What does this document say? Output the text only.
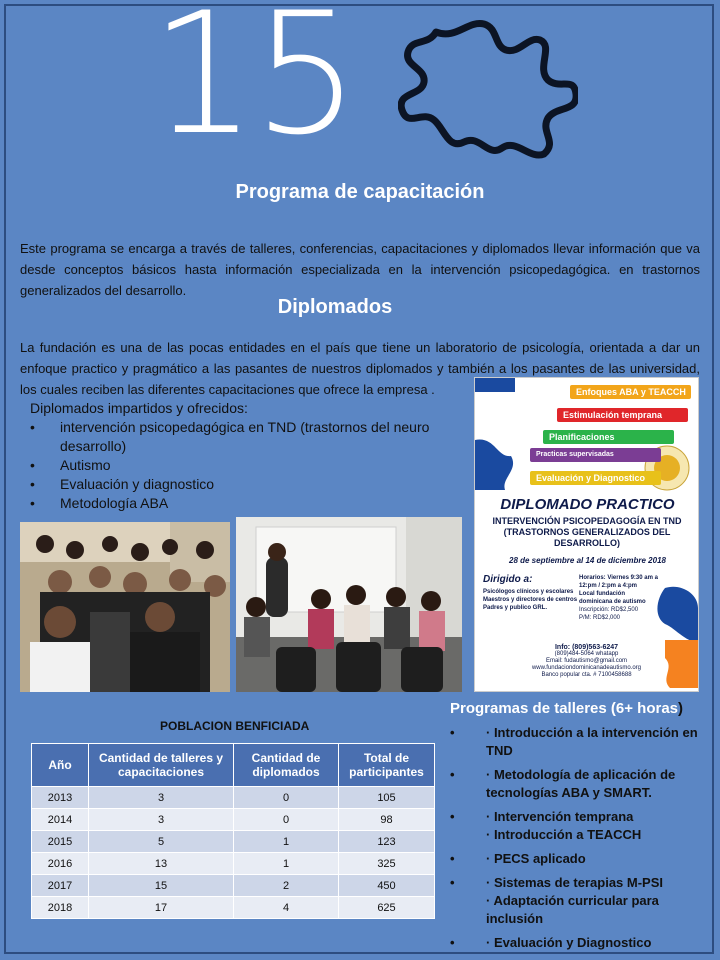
15
Programa de capacitación
Este programa se encarga a través de talleres, conferencias, capacitaciones y diplomados llevar información que va desde conceptos básicos hasta información especializada en la intervención psicopedagógica. en trastornos generalizados del desarrollo.
Diplomados
La fundación es una de las pocas entidades en el país que tiene un laboratorio de psicología, orientada a dar un enfoque practico y pragmático a las pasantes de nuestros diplomados y también a los pasantes de las universidad, los cuales reciben las diferentes capacitaciones que ofrece la empresa .
Diplomados impartidos y ofrecidos:
• intervención psicopedagógica en TND (trastornos del neuro desarrollo)
• Autismo
• Evaluación y diagnostico
• Metodología ABA
Enfoques ABA y TEACCH
Estimulación temprana
Planificaciones
Practicas supervisadas
Evaluación y Diagnostico
DIPLOMADO PRACTICO
INTERVENCIÓN PSICOPEDAGOGÍA EN TND (TRASTORNOS GENERALIZADOS DEL DESARROLLO)
28 de septiembre al 14 de diciembre 2018
Dirigido a:
Psicólogos clínicos y escolares
Maestros y directores de centros
Padres y publico GRL.
Horarios: Viernes 9:30 am a 12:pm / 2:pm a 4:pm
Local fundación dominicana de autismo
Inscripción: RD$2,500
P/M: RD$2,000
Info: (809)563-6247
(809)484-5064 whatapp
Email: fudautismo@gmail.com
www.fundaciondominicanadeautismo.org
Banco popular cta. # 7100458688
POBLACION BENFICIADA
Año	Cantidad de talleres y capacitaciones	Cantidad de diplomados	Total de participantes
2013	3	0	105
2014	3	0	98
2015	5	1	123
2016	13	1	325
2017	15	2	450
2018	17	4	625
Programas de talleres (6+ horas)
• · Introducción a la intervención en TND
• · Metodología de aplicación de tecnologías ABA y SMART.
• · Intervención temprana
· Introducción a TEACCH
• · PECS aplicado
• · Sistemas de terapias M-PSI
· Adaptación curricular para inclusión
• · Evaluación y Diagnostico
